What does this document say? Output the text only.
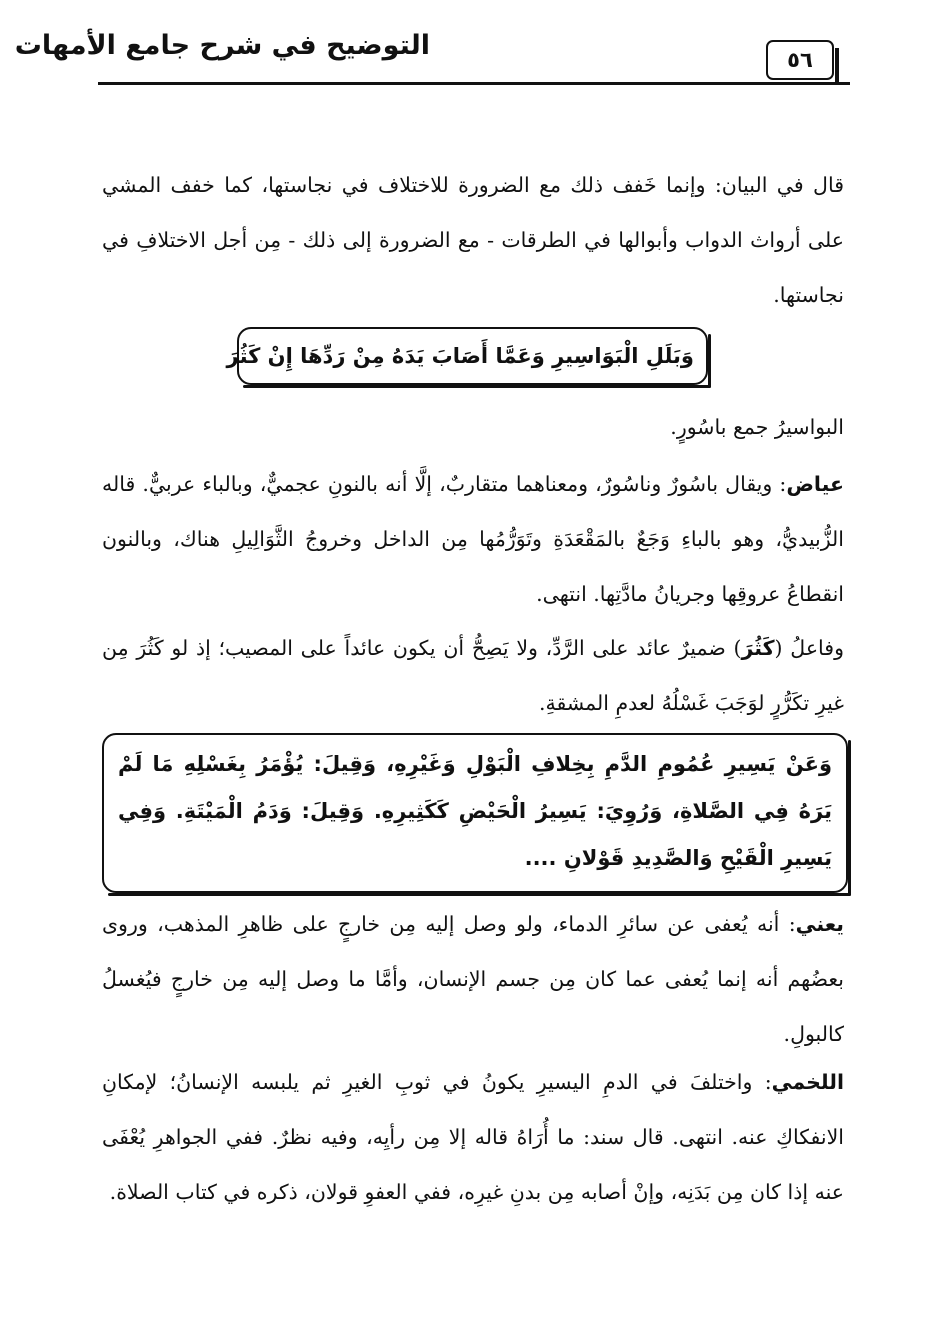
التوضيح في شرح جامع الأمهات	٥٦
قال في البيان: وإنما خَفف ذلك مع الضرورة للاختلاف في نجاستها، كما خفف المشي على أرواث الدواب وأبوالها في الطرقات - مع الضرورة إلى ذلك - مِن أجل الاختلافِ في نجاستها.
وَبَلَلِ الْبَوَاسِيرِ وَعَمَّا أَصَابَ يَدَهُ مِنْ رَدِّهَا إِنْ كَثُرَ
البواسيرُ جمع باسُورٍ.
عياض: ويقال باسُورٌ وناسُورٌ، ومعناهما متقاربٌ، إلَّا أنه بالنونِ عجميٌّ، وبالباء عربيٌّ. قاله الزُّبيديُّ، وهو بالباءِ وَجَعٌ بالمَقْعَدَةِ وتَوَرُّمُها مِن الداخل وخروجُ الثَّوَالِيلِ هناك، وبالنون انقطاعُ عروقِها وجريانُ مادَّتِها. انتهى.
وفاعلُ (كَثُرَ) ضميرٌ عائد على الرَّدِّ، ولا يَصِحُّ أن يكون عائداً على المصيب؛ إذ لو كَثُرَ مِن غيرِ تكَرُّرٍ لوَجَبَ غَسْلُهُ لعدمِ المشقةِ.
وَعَنْ يَسِيرِ عُمُومِ الدَّمِ بِخِلافِ الْبَوْلِ وَغَيْرِهِ، وَقِيلَ: يُؤْمَرُ بِغَسْلِهِ مَا لَمْ يَرَهُ فِي الصَّلاةِ، وَرُوِيَ: يَسِيرُ الْحَيْضِ كَكَثِيرِهِ. وَقِيلَ: وَدَمُ الْمَيْتَةِ. وَفِي يَسِيرِ الْقَيْحِ وَالصَّدِيدِ قَوْلانِ ....
يعني: أنه يُعفى عن سائرِ الدماء، ولو وصل إليه مِن خارجٍ على ظاهرِ المذهب، وروى بعضُهم أنه إنما يُعفى عما كان مِن جسم الإنسان، وأمَّا ما وصل إليه مِن خارجٍ فيُغسلُ كالبولِ.
اللخمي: واختلفَ في الدمِ اليسيرِ يكونُ في ثوبِ الغيرِ ثم يلبسه الإنسانُ؛ لإمكانِ الانفكاكِ عنه. انتهى. قال سند: ما أُرَاهُ قاله إلا مِن رأيِه، وفيه نظرٌ. ففي الجواهرِ يُعْفَى عنه إذا كان مِن بَدَنِه، وإنْ أصابه مِن بدنِ غيرِه، ففي العفوِ قولان، ذكره في كتاب الصلاة.
